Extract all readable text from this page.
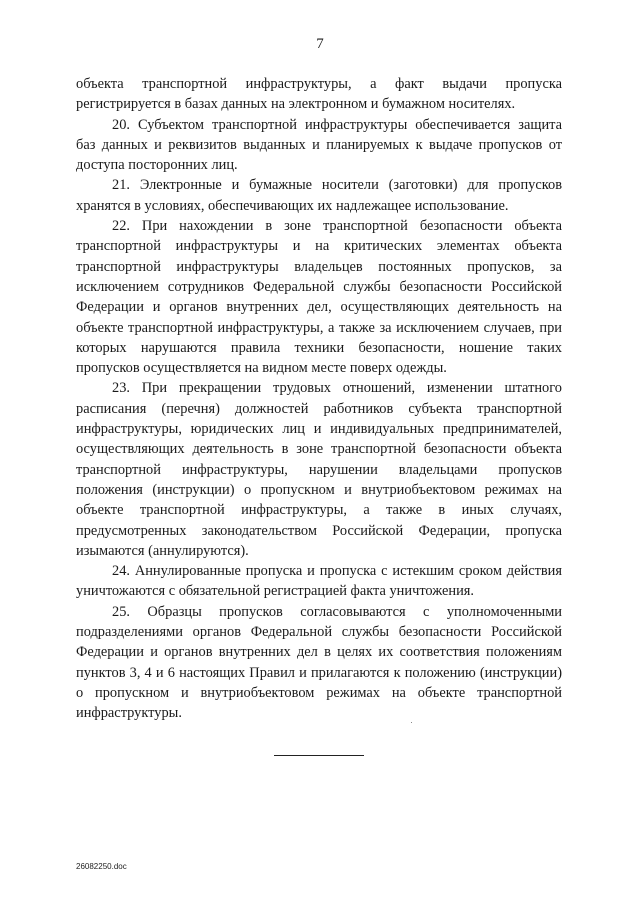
7

объекта транспортной инфраструктуры, а факт выдачи пропуска регистрируется в базах данных на электронном и бумажном носителях.

20. Субъектом транспортной инфраструктуры обеспечивается защита баз данных и реквизитов выданных и планируемых к выдаче пропусков от доступа посторонних лиц.

21. Электронные и бумажные носители (заготовки) для пропусков хранятся в условиях, обеспечивающих их надлежащее использование.

22. При нахождении в зоне транспортной безопасности объекта транспортной инфраструктуры и на критических элементах объекта транспортной инфраструктуры владельцев постоянных пропусков, за исключением сотрудников Федеральной службы безопасности Российской Федерации и органов внутренних дел, осуществляющих деятельность на объекте транспортной инфраструктуры, а также за исключением случаев, при которых нарушаются правила техники безопасности, ношение таких пропусков осуществляется на видном месте поверх одежды.

23. При прекращении трудовых отношений, изменении штатного расписания (перечня) должностей работников субъекта транспортной инфраструктуры, юридических лиц и индивидуальных предпринимателей, осуществляющих деятельность в зоне транспортной безопасности объекта транспортной инфраструктуры, нарушении владельцами пропусков положения (инструкции) о пропускном и внутриобъектовом режимах на объекте транспортной инфраструктуры, а также в иных случаях, предусмотренных законодательством Российской Федерации, пропуска изымаются (аннулируются).

24. Аннулированные пропуска и пропуска с истекшим сроком действия уничтожаются с обязательной регистрацией факта уничтожения.

25. Образцы пропусков согласовываются с уполномоченными подразделениями органов Федеральной службы безопасности Российской Федерации и органов внутренних дел в целях их соответствия положениям пунктов 3, 4 и 6 настоящих Правил и прилагаются к положению (инструкции) о пропускном и внутриобъектовом режимах на объекте транспортной инфраструктуры.

26082250.doc
